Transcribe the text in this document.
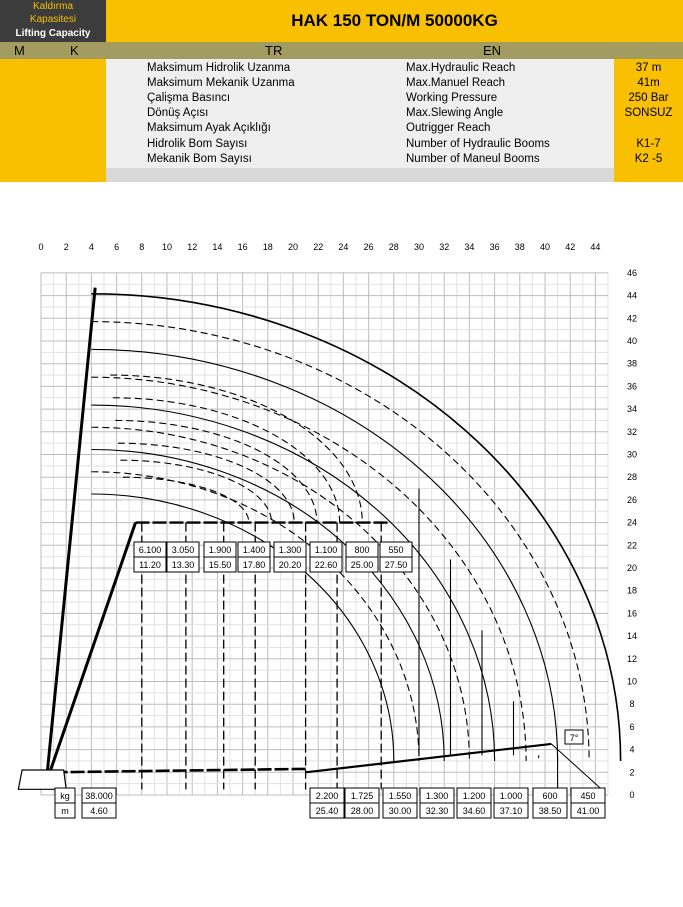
Kaldırma
Kapasitesi
Lifting Capacity
HAK 150 TON/M 50000KG
M	K	TR	EN
Maksimum Hidrolik Uzanma	Max.Hydraulic Reach	37 m
Maksimum Mekanik Uzanma	Max.Manuel Reach	41m
Çalişma Basıncı	Working Pressure	250 Bar
Dönüş Açısı	Max.Slewing Angle	SONSUZ
Maksimum Ayak Açıklığı	Outrigger Reach
Hidrolik Bom Sayısı	Number of Hydraulic Booms	K1-7
Mekanik Bom Sayısı	Number of Maneul Booms	K2 -5
0 2 4 6 8 10 12 14 16 18 20 22 24 26 28 30 32 34 36 38 40 42 44
46
44
42
40
38
36
34
32
30
28
26
24
22
20
18
16
14
12
10
8
6
4
2
0
6.100
11.20
3.050
13.30
1.900
15.50
1.400
17.80
1.300
20.20
1.100
22.60
800
25.00
550
27.50
kg
m
38.000
4.60
2.200
25.40
1.725
28.00
1.550
30.00
1.300
32.30
1.200
34.60
1.000
37.10
600
38.50
450
41.00
7°
